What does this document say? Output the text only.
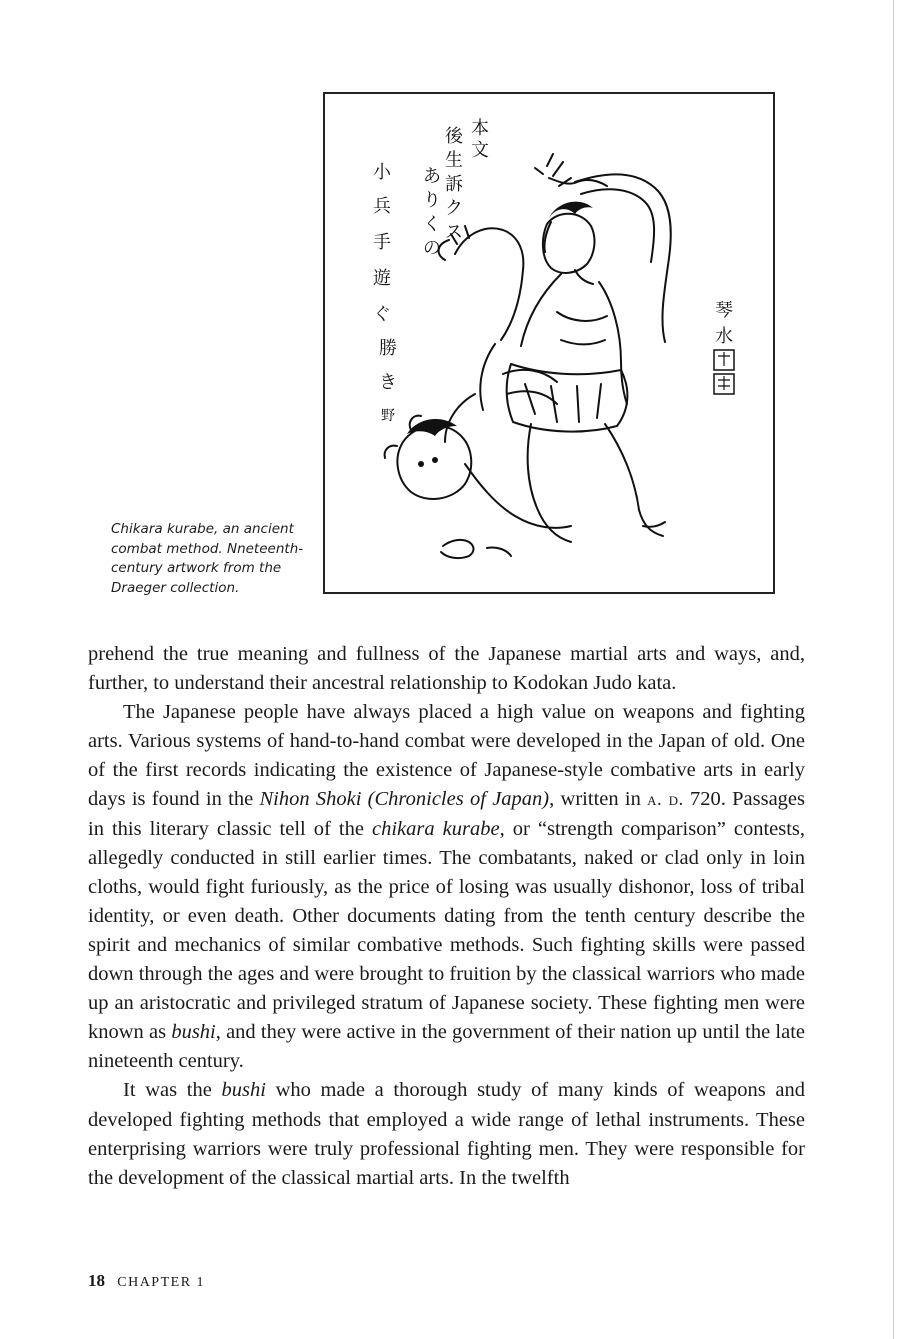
本
文
後
生
訴
ク
ス
あ
り
く
の
小
兵
手
遊
ぐ
勝
き
野
琴
水

Chikara kurabe, an ancient combat method. Nneteenth-century artwork from the Draeger collection.

prehend the true meaning and fullness of the Japanese martial arts and ways, and, further, to understand their ancestral relationship to Kodokan Judo kata.

The Japanese people have always placed a high value on weapons and fighting arts. Various systems of hand-to-hand combat were developed in the Japan of old. One of the first records indicating the existence of Japanese-style combative arts in early days is found in the Nihon Shoki (Chronicles of Japan), written in a. d. 720. Passages in this literary classic tell of the chikara kurabe, or “strength comparison” contests, allegedly conducted in still earlier times. The combatants, naked or clad only in loin cloths, would fight furiously, as the price of losing was usually dishonor, loss of tribal identity, or even death. Other documents dating from the tenth century describe the spirit and mechanics of similar combative methods. Such fighting skills were passed down through the ages and were brought to fruition by the classical warriors who made up an aristocratic and privileged stratum of Japanese society. These fighting men were known as bushi, and they were active in the government of their nation up until the late nineteenth century.

It was the bushi who made a thorough study of many kinds of weapons and developed fighting methods that employed a wide range of lethal instruments. These enterprising warriors were truly professional fighting men. They were responsible for the development of the classical martial arts. In the twelfth

18 CHAPTER 1
